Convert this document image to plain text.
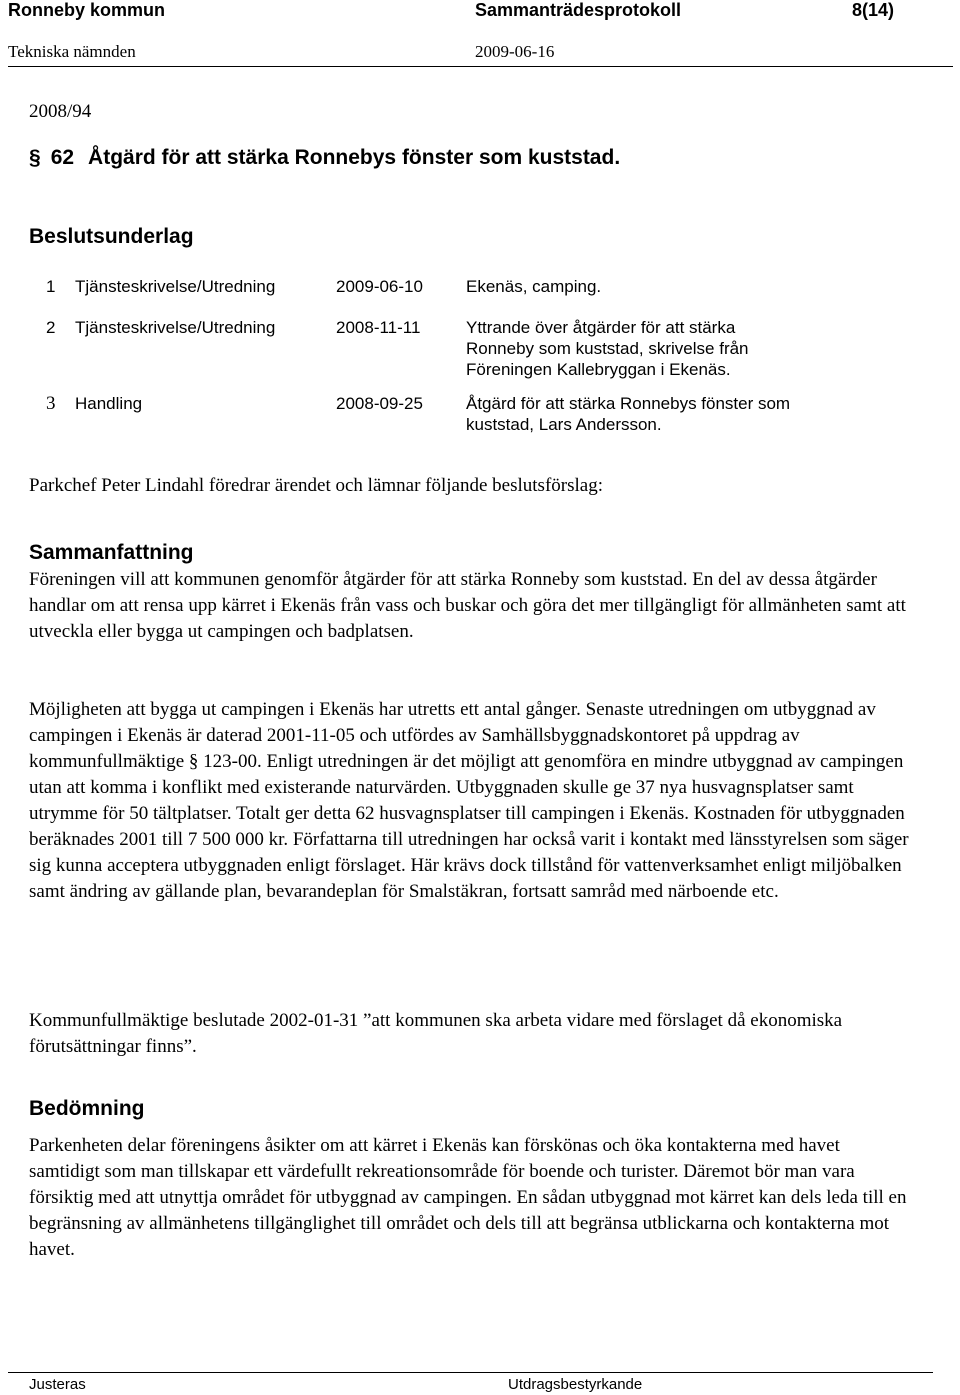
Ronneby kommun	Sammanträdesprotokoll	8(14)
Tekniska nämnden	2009-06-16
2008/94
§ 62 Åtgärd för att stärka Ronnebys fönster som kuststad.
Beslutsunderlag
1 Tjänsteskrivelse/Utredning	2009-06-10	Ekenäs, camping.
2 Tjänsteskrivelse/Utredning	2008-11-11	Yttrande över åtgärder för att stärka Ronneby som kuststad, skrivelse från Föreningen Kallebryggan i Ekenäs.
3 Handling	2008-09-25	Åtgärd för att stärka Ronnebys fönster som kuststad, Lars Andersson.

Parkchef Peter Lindahl föredrar ärendet och lämnar följande beslutsförslag:

Sammanfattning

Föreningen vill att kommunen genomför åtgärder för att stärka Ronneby som kuststad. En del av dessa åtgärder handlar om att rensa upp kärret i Ekenäs från vass och buskar och göra det mer tillgängligt för allmänheten samt att utveckla eller bygga ut campingen och badplatsen.

Möjligheten att bygga ut campingen i Ekenäs har utretts ett antal gånger. Senaste utredningen om utbyggnad av campingen i Ekenäs är daterad 2001-11-05 och utfördes av Samhällsbyggnadskontoret på uppdrag av kommunfullmäktige § 123-00. Enligt utredningen är det möjligt att genomföra en mindre utbyggnad av campingen utan att komma i konflikt med existerande naturvärden. Utbyggnaden skulle ge 37 nya husvagnsplatser samt utrymme för 50 tältplatser. Totalt ger detta 62 husvagnsplatser till campingen i Ekenäs. Kostnaden för utbyggnaden beräknades 2001 till 7 500 000 kr. Författarna till utredningen har också varit i kontakt med länsstyrelsen som säger sig kunna acceptera utbyggnaden enligt förslaget. Här krävs dock tillstånd för vattenverksamhet enligt miljöbalken samt ändring av gällande plan, bevarandeplan för Smalstäkran, fortsatt samråd med närboende etc.

Kommunfullmäktige beslutade 2002-01-31 ”att kommunen ska arbeta vidare med förslaget då ekonomiska förutsättningar finns”.

Bedömning

Parkenheten delar föreningens åsikter om att kärret i Ekenäs kan förskönas och öka kontakterna med havet samtidigt som man tillskapar ett värdefullt rekreationsområde för boende och turister. Däremot bör man vara försiktig med att utnyttja området för utbyggnad av campingen. En sådan utbyggnad mot kärret kan dels leda till en begränsning av allmänhetens tillgänglighet till området och dels till att begränsa utblickarna och kontakterna mot havet.

Justeras	Utdragsbestyrkande
